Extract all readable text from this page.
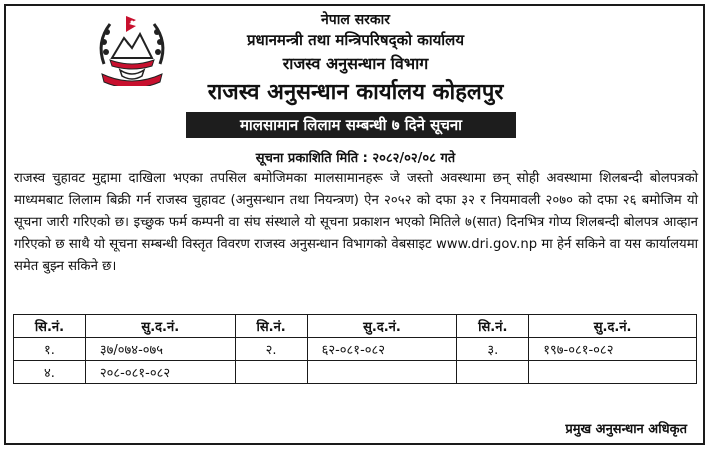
नेपाल सरकार
प्रधानमन्त्री तथा मन्त्रिपरिषद्को कार्यालय
राजस्व अनुसन्धान विभाग
राजस्व अनुसन्धान कार्यालय कोहलपुर
मालसामान लिलाम सम्बन्धी ७ दिने सूचना
सूचना प्रकाशिति मिति : २०८२/०२/०८ गते
राजस्व चुहावट मुद्दामा दाखिला भएका तपसिल बमोजिमका मालसामानहरू जे जस्तो अवस्थामा छन् सोही अवस्थामा शिलबन्दी बोलपत्रको माध्यमबाट लिलाम बिक्री गर्न राजस्व चुहावट (अनुसन्धान तथा नियन्त्रण) ऐन २०५२ को दफा ३२ र नियमावली २०७० को दफा २६ बमोजिम यो सूचना जारी गरिएको छ। इच्छुक फर्म कम्पनी वा संघ संस्थाले यो सूचना प्रकाशन भएको मितिले ७(सात) दिनभित्र गोप्य शिलबन्दी बोलपत्र आव्हान गरिएको छ साथै यो सूचना सम्बन्धी विस्तृत विवरण राजस्व अनुसन्धान विभागको वेबसाइट www.dri.gov.np मा हेर्न सकिने वा यस कार्यालयमा समेत बुझ्न सकिने छ।
सि.नं.	सु.द.नं.	सि.नं.	सु.द.नं.	सि.नं.	सु.द.नं.
१.	३७/०७४-०७५	२.	६२-०८१-०८२	३.	१९७-०८१-०८२
४.	२०८-०८१-०८२				
प्रमुख अनुसन्धान अधिकृत
